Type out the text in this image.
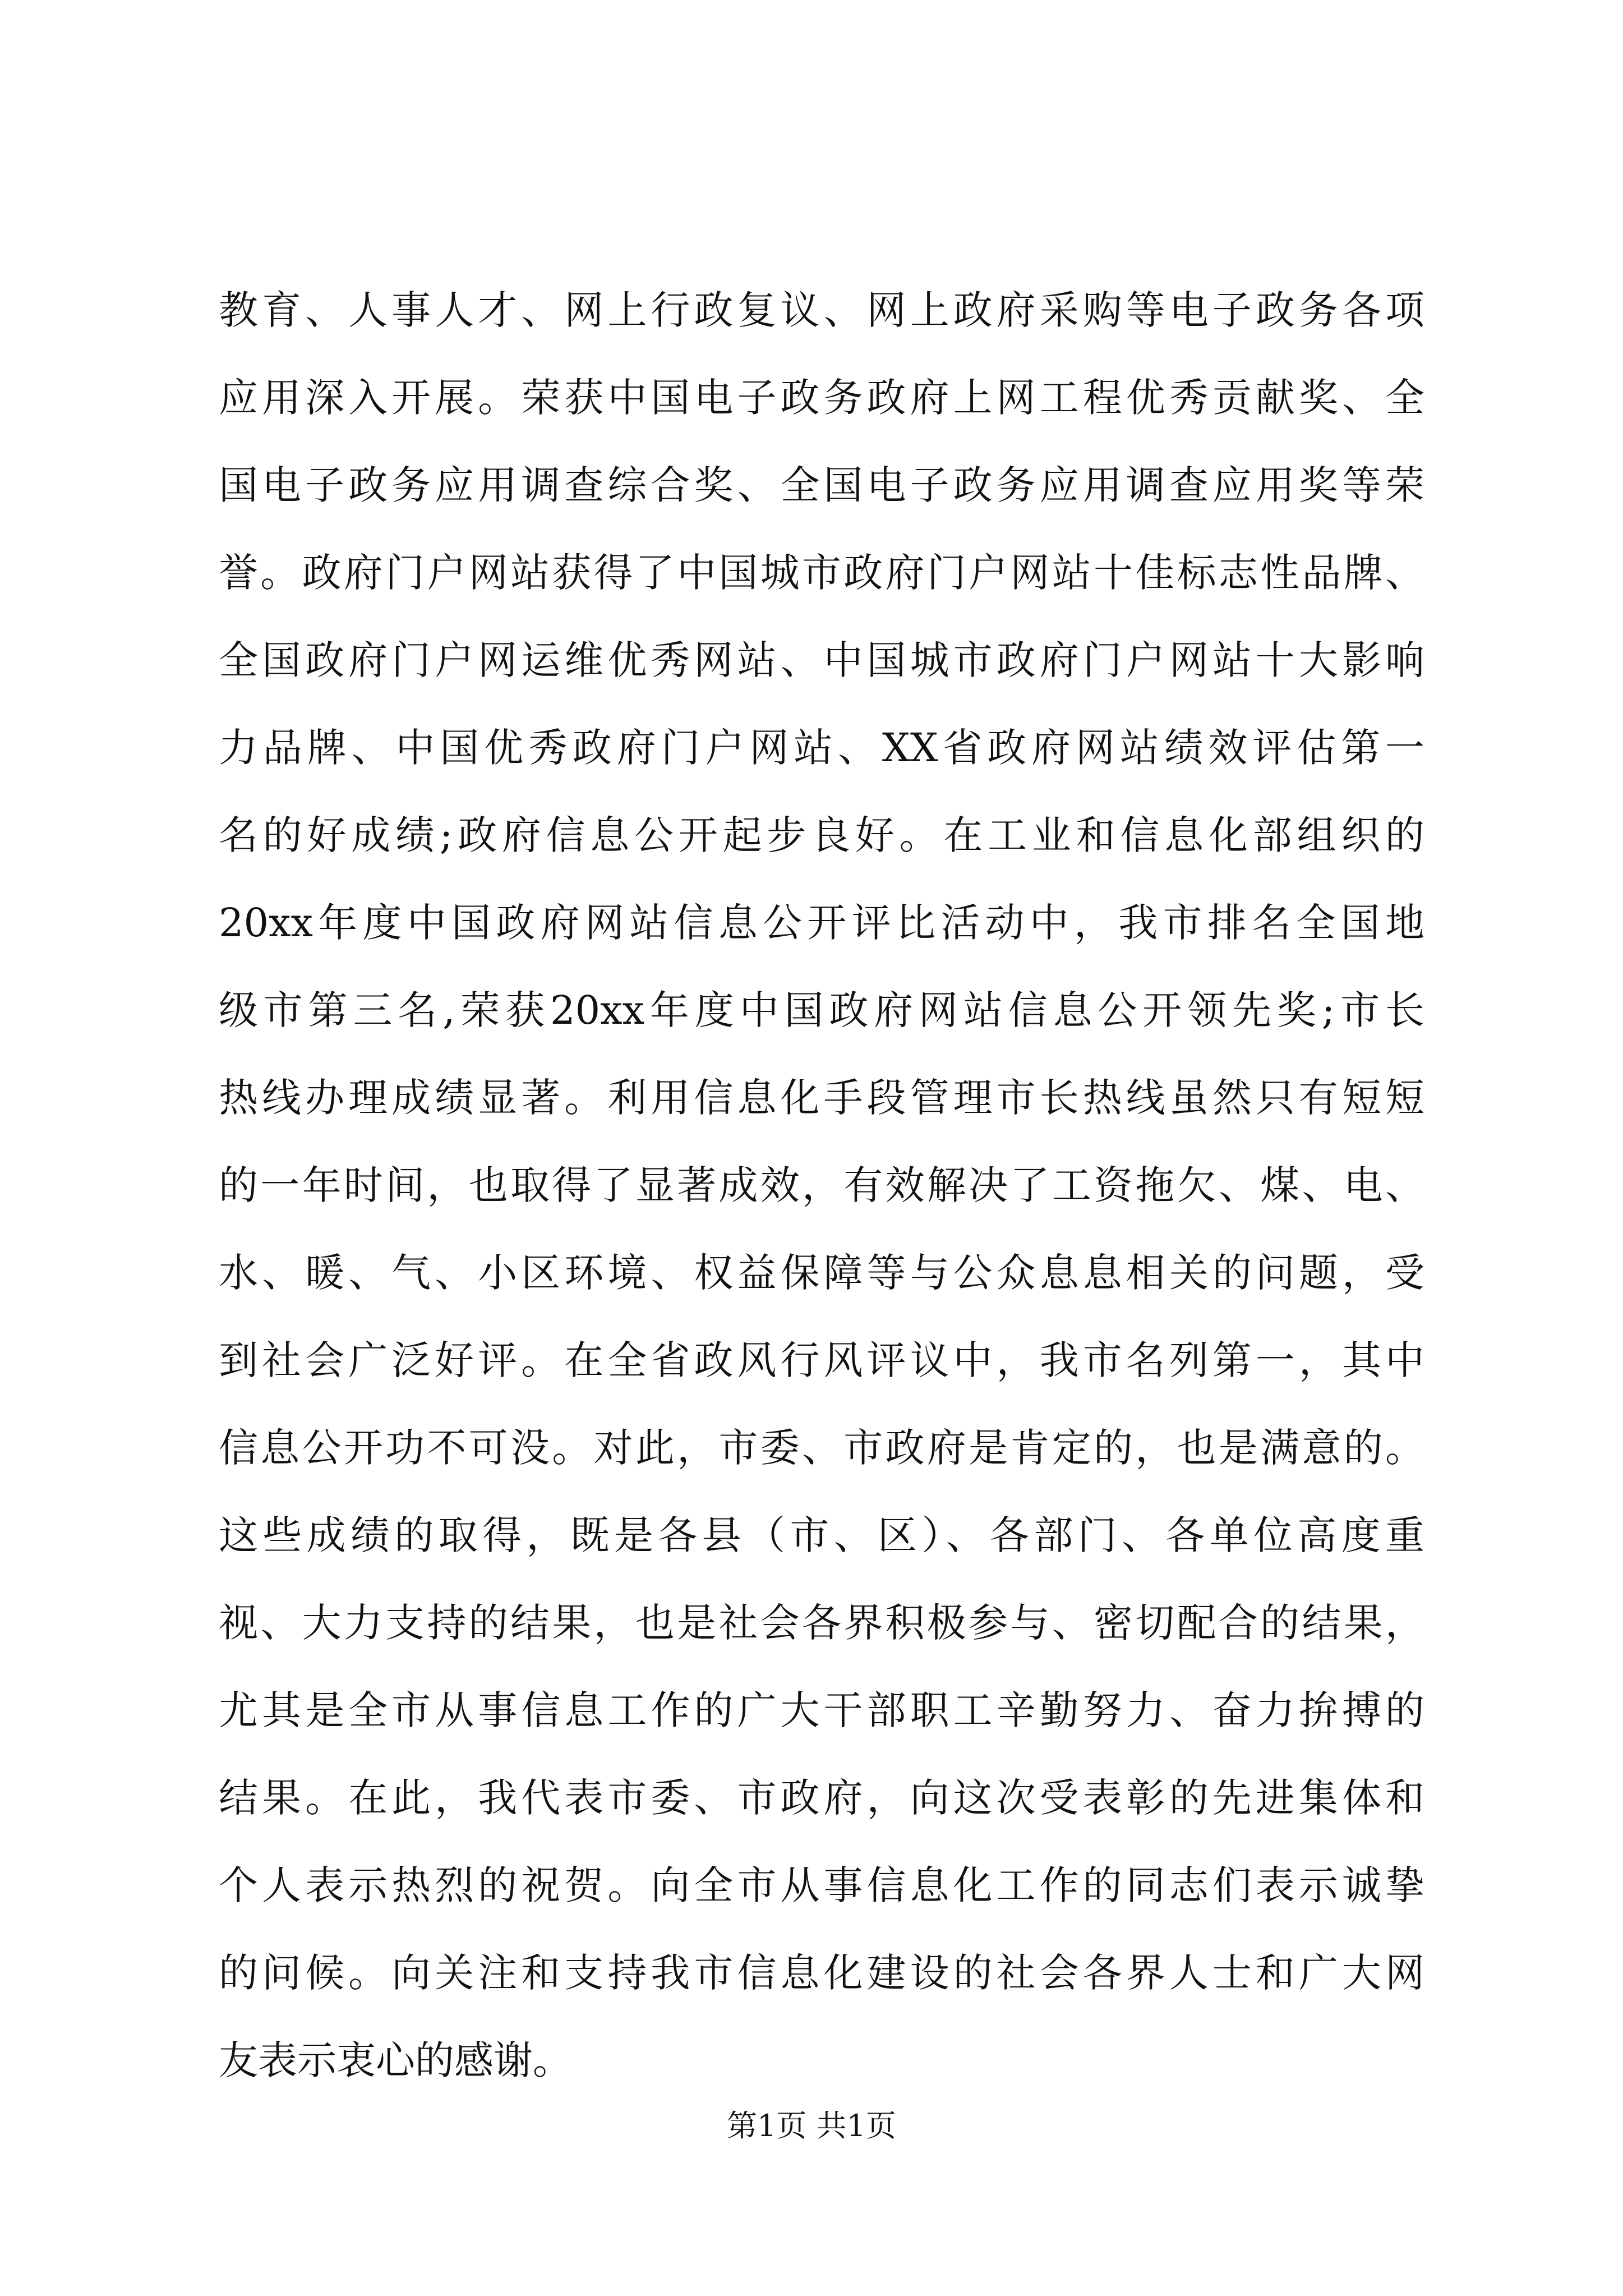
教育、人事人才、网上行政复议、网上政府采购等电子政务各项
应用深入开展。荣获中国电子政务政府上网工程优秀贡献奖、全
国电子政务应用调查综合奖、全国电子政务应用调查应用奖等荣
誉。政府门户网站获得了中国城市政府门户网站十佳标志性品牌、
全国政府门户网运维优秀网站、中国城市政府门户网站十大影响
力品牌、中国优秀政府门户网站、XX省政府网站绩效评估第一
名的好成绩;政府信息公开起步良好。在工业和信息化部组织的
20xx年度中国政府网站信息公开评比活动中，我市排名全国地
级市第三名,荣获20xx年度中国政府网站信息公开领先奖;市长
热线办理成绩显著。利用信息化手段管理市长热线虽然只有短短
的一年时间，也取得了显著成效，有效解决了工资拖欠、煤、电、
水、暖、气、小区环境、权益保障等与公众息息相关的问题，受
到社会广泛好评。在全省政风行风评议中，我市名列第一，其中
信息公开功不可没。对此，市委、市政府是肯定的，也是满意的。
这些成绩的取得，既是各县（市、区）、各部门、各单位高度重
视、大力支持的结果，也是社会各界积极参与、密切配合的结果，
尤其是全市从事信息工作的广大干部职工辛勤努力、奋力拚搏的
结果。在此，我代表市委、市政府，向这次受表彰的先进集体和
个人表示热烈的祝贺。向全市从事信息化工作的同志们表示诚挚
的问候。向关注和支持我市信息化建设的社会各界人士和广大网
友表示衷心的感谢。
第1页 共1页
